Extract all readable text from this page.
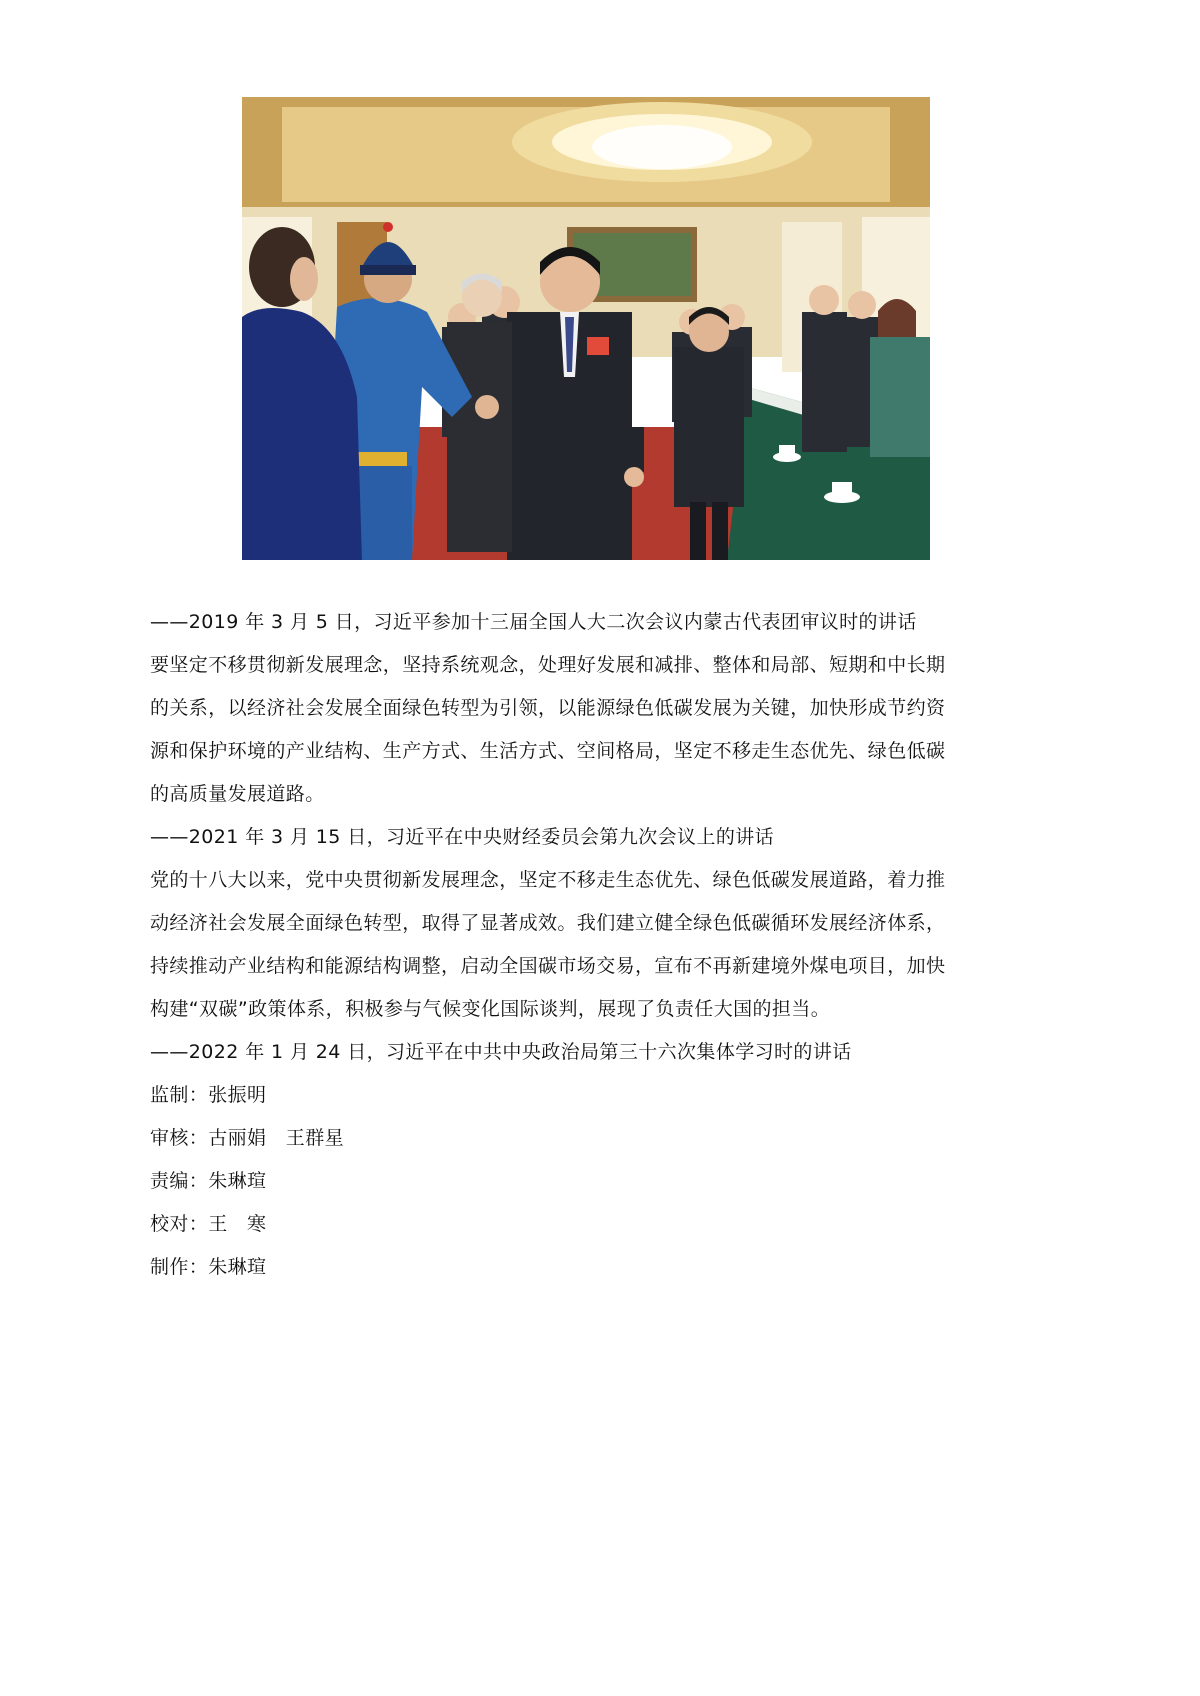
——2019 年 3 月 5 日，习近平参加十三届全国人大二次会议内蒙古代表团审议时的讲话
要坚定不移贯彻新发展理念，坚持系统观念，处理好发展和减排、整体和局部、短期和中长期
的关系，以经济社会发展全面绿色转型为引领，以能源绿色低碳发展为关键，加快形成节约资
源和保护环境的产业结构、生产方式、生活方式、空间格局，坚定不移走生态优先、绿色低碳
的高质量发展道路。
——2021 年 3 月 15 日，习近平在中央财经委员会第九次会议上的讲话
党的十八大以来，党中央贯彻新发展理念，坚定不移走生态优先、绿色低碳发展道路，着力推
动经济社会发展全面绿色转型，取得了显著成效。我们建立健全绿色低碳循环发展经济体系，
持续推动产业结构和能源结构调整，启动全国碳市场交易，宣布不再新建境外煤电项目，加快
构建“双碳”政策体系，积极参与气候变化国际谈判，展现了负责任大国的担当。
——2022 年 1 月 24 日，习近平在中共中央政治局第三十六次集体学习时的讲话
监制：张振明
审核：古丽娟　王群星
责编：朱琳瑄
校对：王　寒
制作：朱琳瑄
